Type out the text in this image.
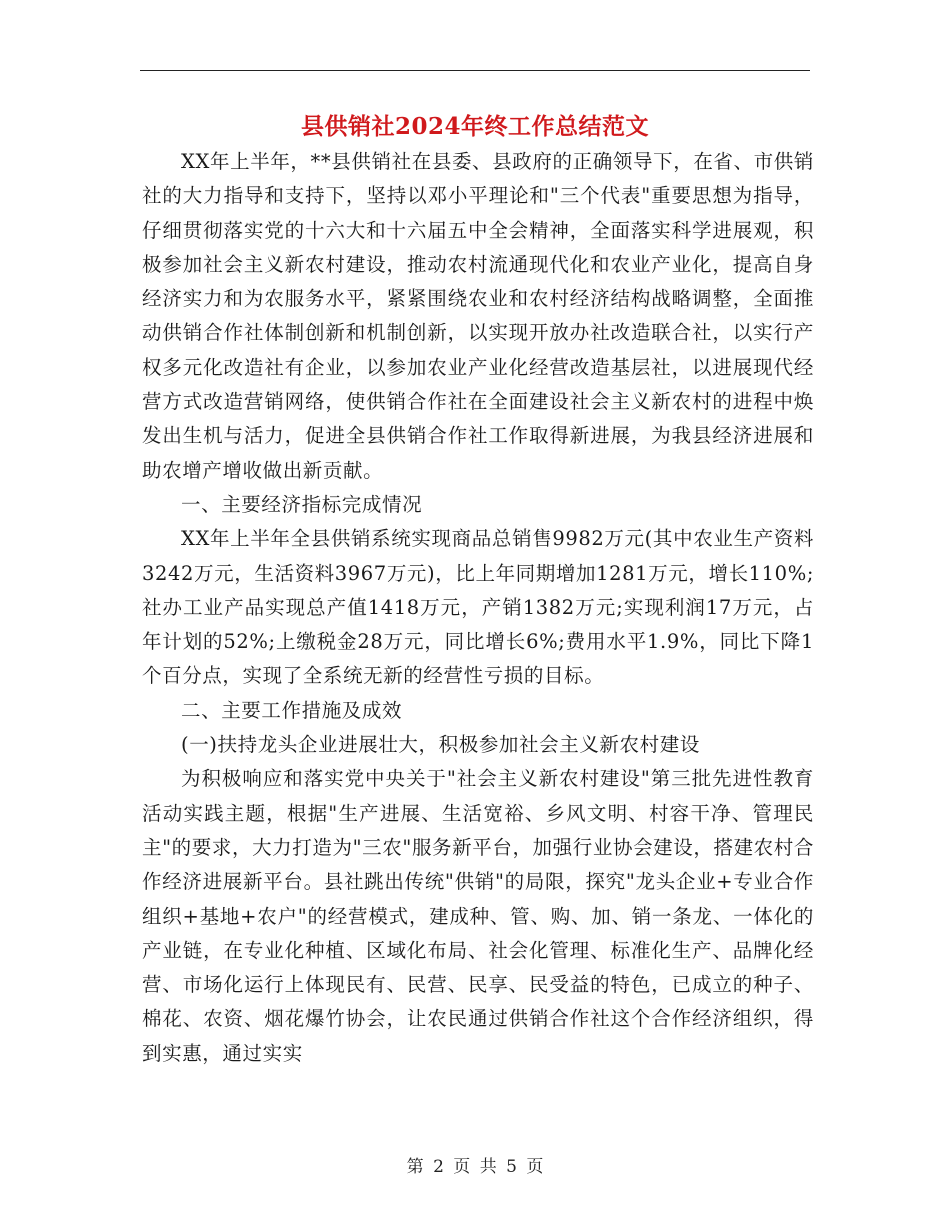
县供销社2024年终工作总结范文

XX年上半年，**县供销社在县委、县政府的正确领导下，在省、市供销社的大力指导和支持下，坚持以邓小平理论和"三个代表"重要思想为指导，仔细贯彻落实党的十六大和十六届五中全会精神，全面落实科学进展观，积极参加社会主义新农村建设，推动农村流通现代化和农业产业化，提高自身经济实力和为农服务水平，紧紧围绕农业和农村经济结构战略调整，全面推动供销合作社体制创新和机制创新，以实现开放办社改造联合社，以实行产权多元化改造社有企业，以参加农业产业化经营改造基层社，以进展现代经营方式改造营销网络，使供销合作社在全面建设社会主义新农村的进程中焕发出生机与活力，促进全县供销合作社工作取得新进展，为我县经济进展和助农增产增收做出新贡献。

一、主要经济指标完成情况

XX年上半年全县供销系统实现商品总销售9982万元(其中农业生产资料3242万元，生活资料3967万元)，比上年同期增加1281万元，增长110%;社办工业产品实现总产值1418万元，产销1382万元;实现利润17万元，占年计划的52%;上缴税金28万元，同比增长6%;费用水平1.9%，同比下降1个百分点，实现了全系统无新的经营性亏损的目标。

二、主要工作措施及成效

(一)扶持龙头企业进展壮大，积极参加社会主义新农村建设

为积极响应和落实党中央关于"社会主义新农村建设"第三批先进性教育活动实践主题，根据"生产进展、生活宽裕、乡风文明、村容干净、管理民主"的要求，大力打造为"三农"服务新平台，加强行业协会建设，搭建农村合作经济进展新平台。县社跳出传统"供销"的局限，探究"龙头企业+专业合作组织+基地+农户"的经营模式，建成种、管、购、加、销一条龙、一体化的产业链，在专业化种植、区域化布局、社会化管理、标准化生产、品牌化经营、市场化运行上体现民有、民营、民享、民受益的特色，已成立的种子、棉花、农资、烟花爆竹协会，让农民通过供销合作社这个合作经济组织，得到实惠，通过实实

第 2 页 共 5 页
